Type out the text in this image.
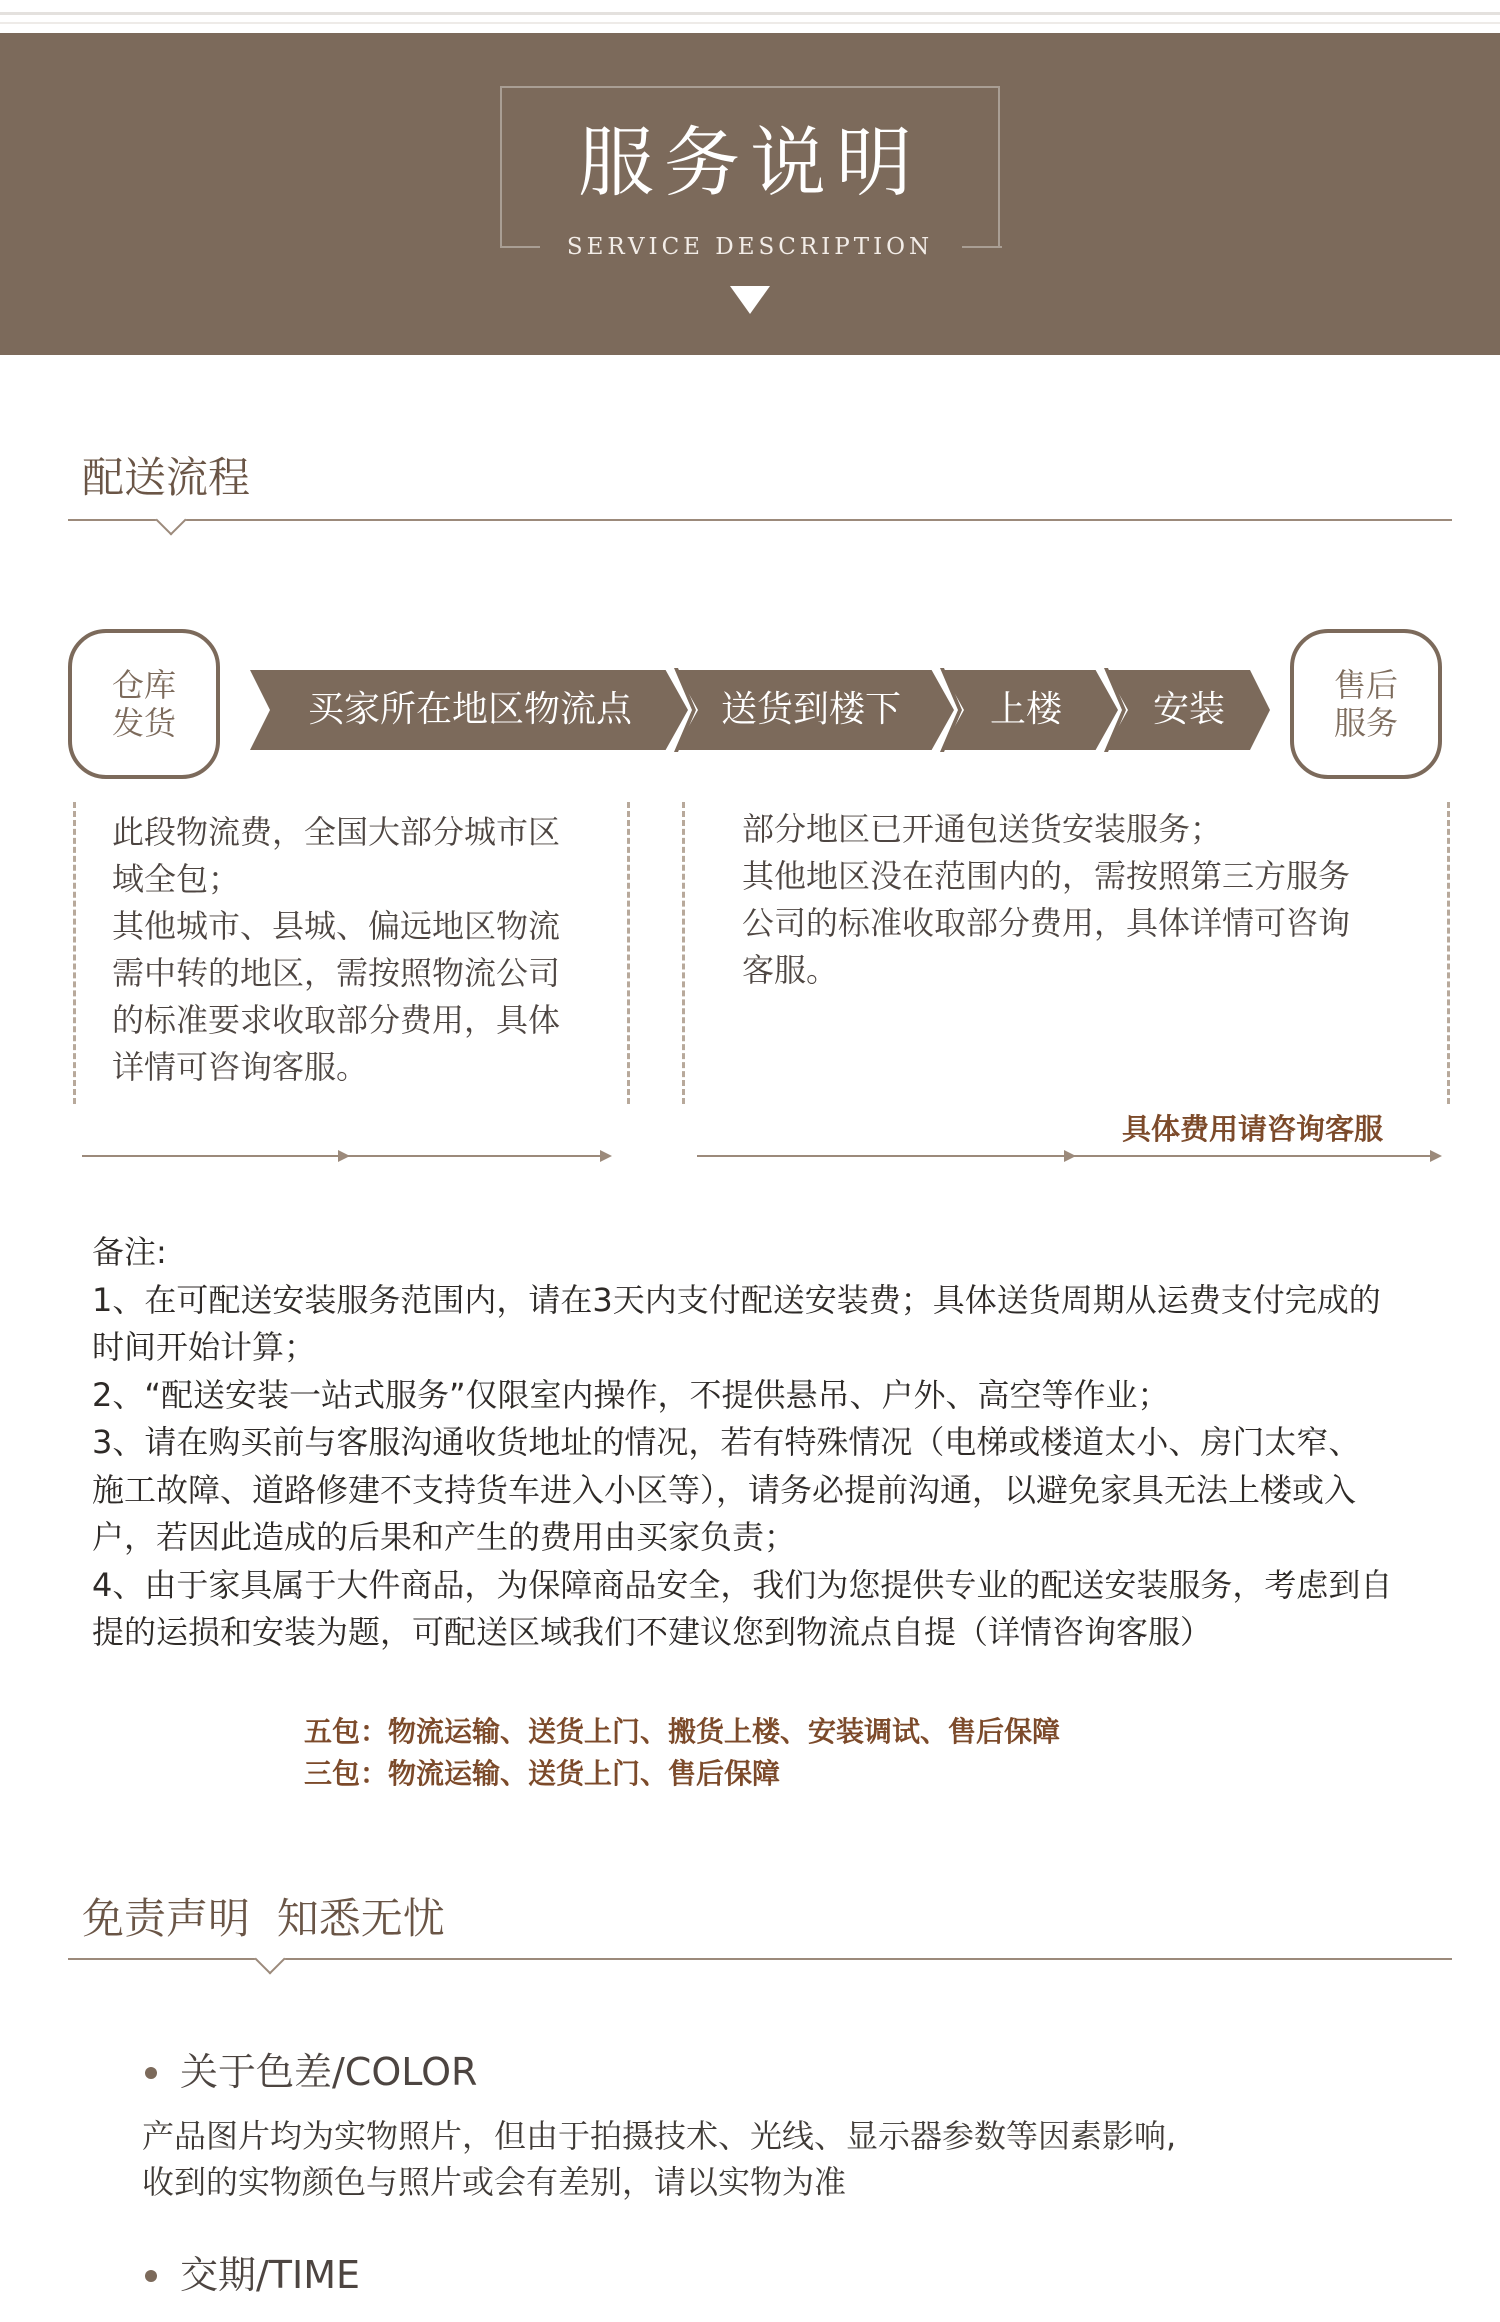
服务说明
SERVICE DESCRIPTION
配送流程
仓库
发货	买家所在地区物流点	送货到楼下	上楼	安装
售后
服务
此段物流费，全国大部分城市区
域全包；
其他城市、县城、偏远地区物流
需中转的地区，需按照物流公司
的标准要求收取部分费用，具体
详情可咨询客服。
部分地区已开通包送货安装服务；
其他地区没在范围内的，需按照第三方服务
公司的标准收取部分费用，具体详情可咨询
客服。
具体费用请咨询客服
备注:
1、在可配送安装服务范围内，请在3天内支付配送安装费；具体送货周期从运费支付完成的
时间开始计算；
2、“配送安装一站式服务”仅限室内操作，不提供悬吊、户外、高空等作业；
3、请在购买前与客服沟通收货地址的情况，若有特殊情况（电梯或楼道太小、房门太窄、
施工故障、道路修建不支持货车进入小区等），请务必提前沟通，以避免家具无法上楼或入
户，若因此造成的后果和产生的费用由买家负责；
4、由于家具属于大件商品，为保障商品安全，我们为您提供专业的配送安装服务，考虑到自
提的运损和安装为题，可配送区域我们不建议您到物流点自提（详情咨询客服）
五包：物流运输、送货上门、搬货上楼、安装调试、售后保障
三包：物流运输、送货上门、售后保障
免责声明  知悉无忧
关于色差/COLOR
产品图片均为实物照片，但由于拍摄技术、光线、显示器参数等因素影响,
收到的实物颜色与照片或会有差别，请以实物为准
交期/TIME
